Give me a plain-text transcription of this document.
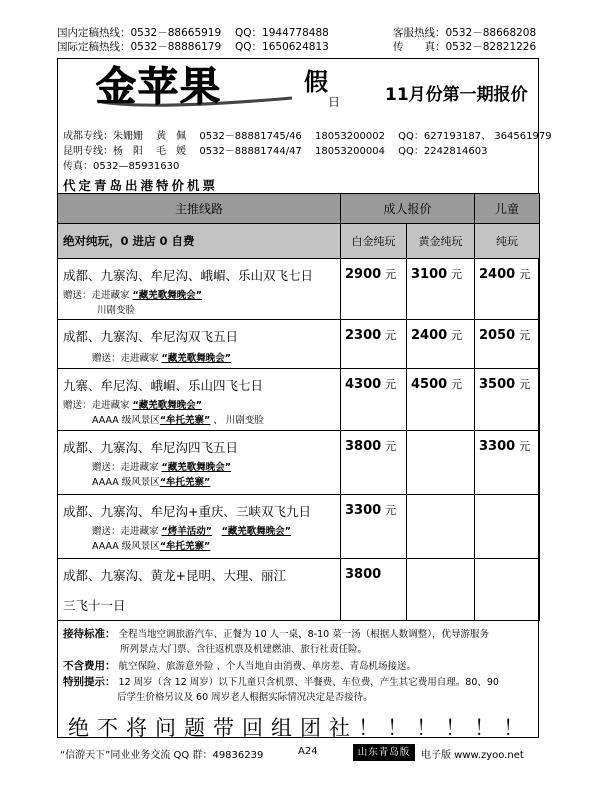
国内定稿热线：0532－88665919　 QQ：1944778488
国际定稿热线：0532－88886179　 QQ：1650624813
客服热线：0532－88668208
传　　真：0532－82821226
金苹果	假
日	11月份第一期报价
成都专线：朱姗姗　 黄　佩　 0532－88881745/46　 18053200002　 QQ：627193187、 364561979
昆明专线：杨　阳　 毛　媛　 0532－88881744/47　 18053200004　 QQ：2242814603
传真：0532—85931630
代定青岛出港特价机票
主推线路	成人报价		儿童
绝对纯玩，0 进店 0 自费	白金纯玩	黄金纯玩	纯玩

成都、九寨沟、牟尼沟、峨嵋、乐山双飞七日
赠送：走进藏家 “藏羌歌舞晚会”
川剧变脸	2900 元	3100 元	2400 元

成都、九寨沟、牟尼沟双飞五日
赠送：走进藏家 “藏羌歌舞晚会”	2300 元	2400 元	2050 元

九寨、牟尼沟、峨嵋、乐山四飞七日
赠送：走进藏家 “藏羌歌舞晚会”
AAAA 级风景区“牟托羌寨” 、 川剧变脸	4300 元	4500 元	3500 元

成都、九寨沟、牟尼沟四飞五日
赠送：走进藏家 “藏羌歌舞晚会”
AAAA 级风景区“牟托羌寨”	3800 元		3300 元

成都、九寨沟、牟尼沟+重庆、三峡双飞九日
赠送：走进藏家 “烤羊活动”　 “藏羌歌舞晚会”
AAAA 级风景区“牟托羌寨”	3300 元		

成都、九寨沟、黄龙+昆明、大理、丽江
三飞十一日	3800		
接待标准： 全程当地空调旅游汽车、正餐为 10 人一桌、8-10 菜一汤（根据人数调整），优导游服务
所列景点大门票、含往返机票及机建燃油、旅行社责任险。
不含费用： 航空保险、旅游意外险 、个人当地自由消费、单房差、青岛机场接送。
特别提示： 12 周岁（含 12 周岁）以下儿童只含机票、半餐费、车位费，产生其它费用自理。80、90
后学生价格另议及 60 周岁老人根据实际情况决定是否接待。
绝不将问题带回组团社！！！！！！
“信游天下”同业业务交流 QQ 群：49836239	A24	山东青岛版	电子版 www.zyoo.net
